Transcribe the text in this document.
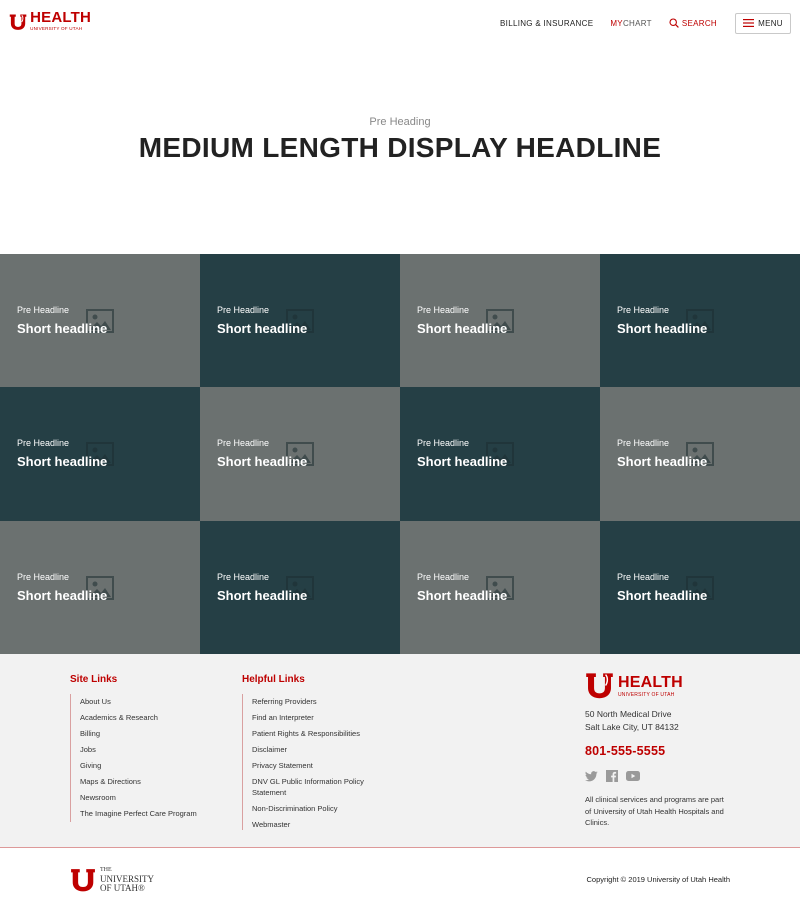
HEALTH
UNIVERSITY OF UTAH
BILLING & INSURANCE MYCHART	SEARCH	MENU
Pre Heading
MEDIUM LENGTH DISPLAY HEADLINE
Pre Headline
Short headline
Pre Headline
Short headline
Pre Headline
Short headline
Pre Headline
Short headline
Pre Headline
Short headline
Pre Headline
Short headline
Pre Headline
Short headline
Pre Headline
Short headline
Pre Headline
Short headline
Pre Headline
Short headline
Pre Headline
Short headline
Pre Headline
Short headline
Site Links
About Us
Academics & Research
Billing
Jobs
Giving
Maps & Directions
Newsroom
The Imagine Perfect Care Program
Helpful Links
Referring Providers
Find an Interpreter
Patient Rights & Responsibilities
Disclaimer
Privacy Statement
DNV GL Public Information Policy Statement
Non-Discrimination Policy
Webmaster
HEALTH
UNIVERSITY OF UTAH
50 North Medical Drive
Salt Lake City, UT 84132
801-555-5555
All clinical services and programs are part of University of Utah Health Hospitals and Clinics.
THE
UNIVERSITY
OF UTAH®
Copyright © 2019 University of Utah Health
